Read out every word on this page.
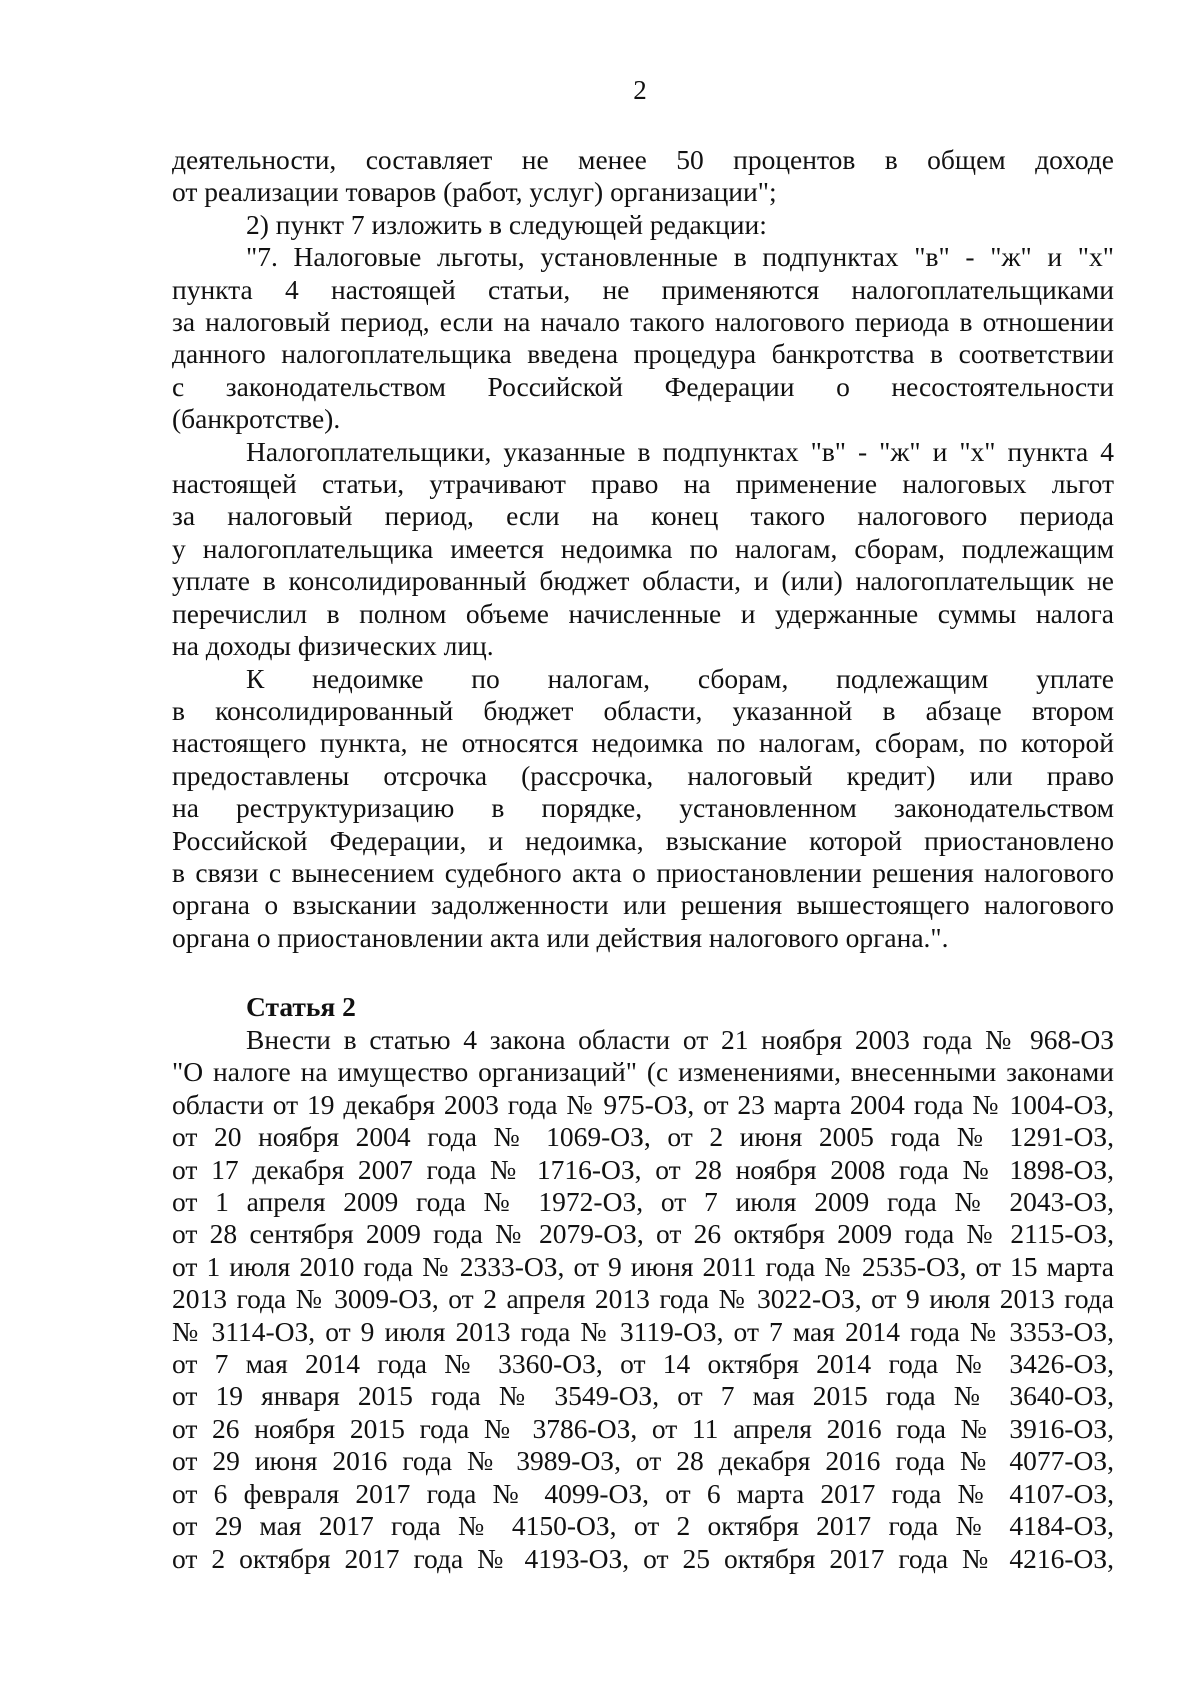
2
деятельности, составляет не менее 50 процентов в общем доходе
от реализации товаров (работ, услуг) организации";
2) пункт 7 изложить в следующей редакции:
"7. Налоговые льготы, установленные в подпунктах "в" - "ж" и "х"
пункта 4 настоящей статьи, не применяются налогоплательщиками
за налоговый период, если на начало такого налогового периода в отношении
данного налогоплательщика введена процедура банкротства в соответствии
с законодательством Российской Федерации о несостоятельности
(банкротстве).
Налогоплательщики, указанные в подпунктах "в" - "ж" и "х" пункта 4
настоящей статьи, утрачивают право на применение налоговых льгот
за налоговый период, если на конец такого налогового периода
у налогоплательщика имеется недоимка по налогам, сборам, подлежащим
уплате в консолидированный бюджет области, и (или) налогоплательщик не
перечислил в полном объеме начисленные и удержанные суммы налога
на доходы физических лиц.
К недоимке по налогам, сборам, подлежащим уплате
в консолидированный бюджет области, указанной в абзаце втором
настоящего пункта, не относятся недоимка по налогам, сборам, по которой
предоставлены отсрочка (рассрочка, налоговый кредит) или право
на реструктуризацию в порядке, установленном законодательством
Российской Федерации, и недоимка, взыскание которой приостановлено
в связи с вынесением судебного акта о приостановлении решения налогового
органа о взыскании задолженности или решения вышестоящего налогового
органа о приостановлении акта или действия налогового органа.".
Статья 2
Внести в статью 4 закона области от 21 ноября 2003 года № 968-ОЗ
"О налоге на имущество организаций" (с изменениями, внесенными законами
области от 19 декабря 2003 года № 975-ОЗ, от 23 марта 2004 года № 1004-ОЗ,
от 20 ноября 2004 года № 1069-ОЗ, от 2 июня 2005 года № 1291-ОЗ,
от 17 декабря 2007 года № 1716-ОЗ, от 28 ноября 2008 года № 1898-ОЗ,
от 1 апреля 2009 года № 1972-ОЗ, от 7 июля 2009 года № 2043-ОЗ,
от 28 сентября 2009 года № 2079-ОЗ, от 26 октября 2009 года № 2115-ОЗ,
от 1 июля 2010 года № 2333-ОЗ, от 9 июня 2011 года № 2535-ОЗ, от 15 марта
2013 года № 3009-ОЗ, от 2 апреля 2013 года № 3022-ОЗ, от 9 июля 2013 года
№ 3114-ОЗ, от 9 июля 2013 года № 3119-ОЗ, от 7 мая 2014 года № 3353-ОЗ,
от 7 мая 2014 года № 3360-ОЗ, от 14 октября 2014 года № 3426-ОЗ,
от 19 января 2015 года № 3549-ОЗ, от 7 мая 2015 года № 3640-ОЗ,
от 26 ноября 2015 года № 3786-ОЗ, от 11 апреля 2016 года № 3916-ОЗ,
от 29 июня 2016 года № 3989-ОЗ, от 28 декабря 2016 года № 4077-ОЗ,
от 6 февраля 2017 года № 4099-ОЗ, от 6 марта 2017 года № 4107-ОЗ,
от 29 мая 2017 года № 4150-ОЗ, от 2 октября 2017 года № 4184-ОЗ,
от 2 октября 2017 года № 4193-ОЗ, от 25 октября 2017 года № 4216-ОЗ,
